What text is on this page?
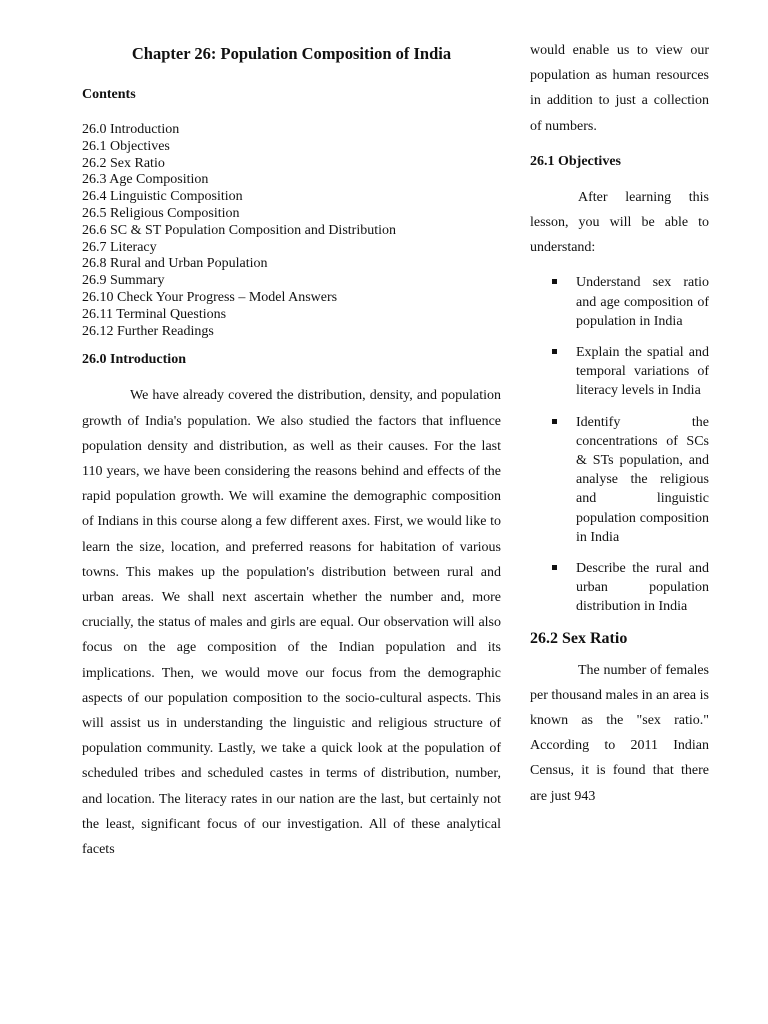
Chapter 26: Population Composition of India
Contents
26.0 Introduction
26.1 Objectives
26.2 Sex Ratio
26.3 Age Composition
26.4 Linguistic Composition
26.5 Religious Composition
26.6 SC & ST Population Composition and Distribution
26.7 Literacy
26.8 Rural and Urban Population
26.9 Summary
26.10 Check Your Progress – Model Answers
26.11 Terminal Questions
26.12 Further Readings
26.0 Introduction

We have already covered the distribution, density, and population growth of India's population. We also studied the factors that influence population density and distribution, as well as their causes. For the last 110 years, we have been considering the reasons behind and effects of the rapid population growth. We will examine the demographic composition of Indians in this course along a few different axes. First, we would like to learn the size, location, and preferred reasons for habitation of various towns. This makes up the population's distribution between rural and urban areas. We shall next ascertain whether the number and, more crucially, the status of males and girls are equal. Our observation will also focus on the age composition of the Indian population and its implications. Then, we would move our focus from the demographic aspects of our population composition to the socio-cultural aspects. This will assist us in understanding the linguistic and religious structure of population community. Lastly, we take a quick look at the population of scheduled tribes and scheduled castes in terms of distribution, number, and location. The literacy rates in our nation are the last, but certainly not the least, significant focus of our investigation. All of these analytical facets

would enable us to view our population as human resources in addition to just a collection of numbers.

26.1 Objectives

After learning this lesson, you will be able to understand:

Understand sex ratio and age composition of population in India
Explain the spatial and temporal variations of literacy levels in India
Identify the concentrations of SCs & STs population, and analyse the religious and linguistic population composition in India
Describe the rural and urban population distribution in India
26.2 Sex Ratio

The number of females per thousand males in an area is known as the "sex ratio." According to 2011 Indian Census, it is found that there are just 943
